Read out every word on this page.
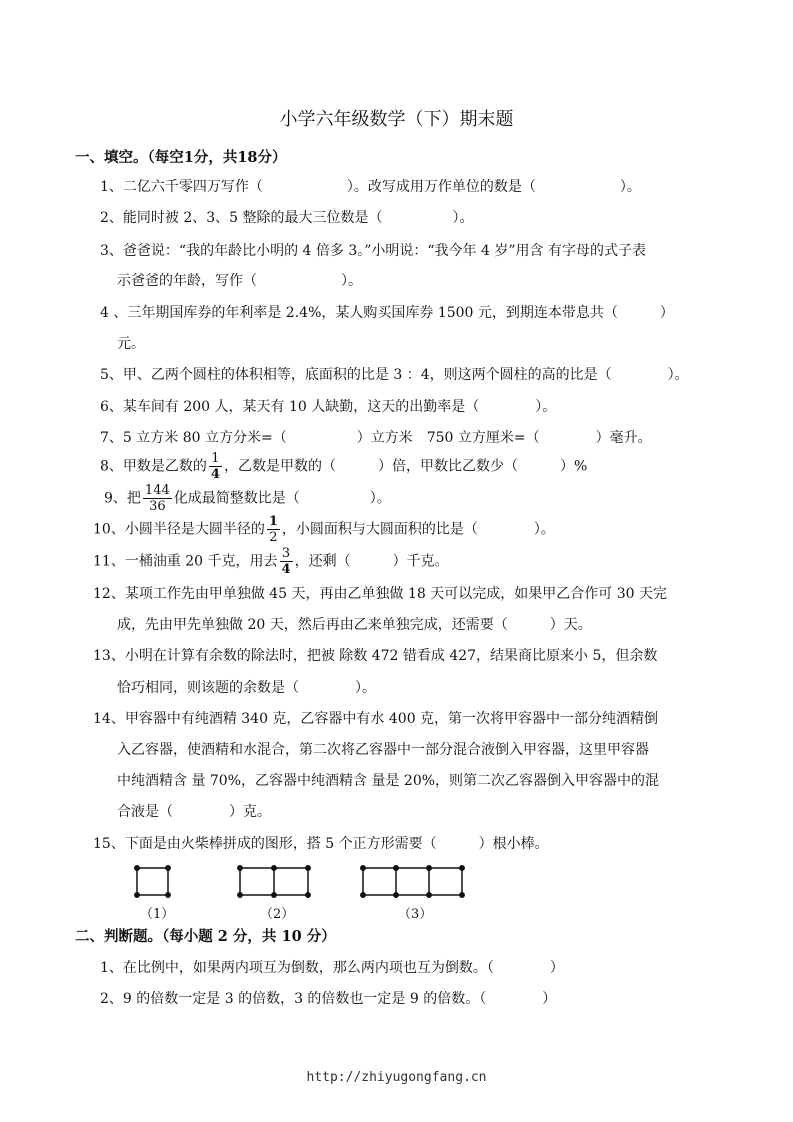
小学六年级数学（下）期末题
一、填空。（每空1分，共18分）
1、二亿六千零四万写作（　　　　　　）。改写成用万作单位的数是（　　　　　　）。
2、能同时被 2、3、5 整除的最大三位数是（　　　　　）。
3、爸爸说：“我的年龄比小明的 4 倍多 3。”小明说：“我今年 4 岁”用含 有字母的式子表
示爸爸的年龄，写作（　　　　　　）。
4 、三年期国库券的年利率是 2.4%，某人购买国库券 1500 元，到期连本带息共（　　　）
元。
5、甲、乙两个圆柱的体积相等，底面积的比是 3 ：4，则这两个圆柱的高的比是（　　　　）。
6、某车间有 200 人，某天有 10 人缺勤，这天的出勤率是（　　　　）。
7、5 立方米 80 立方分米=（　　　　　）立方米　750 立方厘米=（　　　　）毫升。
8、甲数是乙数的 $\frac{1}{4}$ ，乙数是甲数的（　　　）倍，甲数比乙数少（　　　）%
9、把 $\frac{144}{36}$ 化成最简整数比是（　　　　　）。
10、小圆半径是大圆半径的 $\frac{1}{2}$ ，小圆面积与大圆面积的比是（　　　　）。
11、一桶油重 20 千克，用去 $\frac{3}{4}$ ，还剩（　　　）千克。
12、某项工作先由甲单独做 45 天，再由乙单独做 18 天可以完成，如果甲乙合作可 30 天完
成，先由甲先单独做 20 天，然后再由乙来单独完成，还需要（　　　）天。
13、小明在计算有余数的除法时，把被 除数 472 错看成 427，结果商比原来小 5，但余数
恰巧相同，则该题的余数是（　　　　）。
14、甲容器中有纯酒精 340 克，乙容器中有水 400 克，第一次将甲容器中一部分纯酒精倒
入乙容器，使酒精和水混合，第二次将乙容器中一部分混合液倒入甲容器，这里甲容器
中纯酒精含 量 70%，乙容器中纯酒精含 量是 20%，则第二次乙容器倒入甲容器中的混
合液是（　　　　）克。
15、下面是由火柴棒拼成的图形，搭 5 个正方形需要（　　　）根小棒。
（1）	（2）	（3）
二、判断题。（每小题 2 分，共 10 分）
1、在比例中，如果两内项互为倒数，那么两内项也互为倒数。（　　　　）
2、9 的倍数一定是 3 的倍数，3 的倍数也一定是 9 的倍数。（　　　　）
http://zhiyugongfang.cn
